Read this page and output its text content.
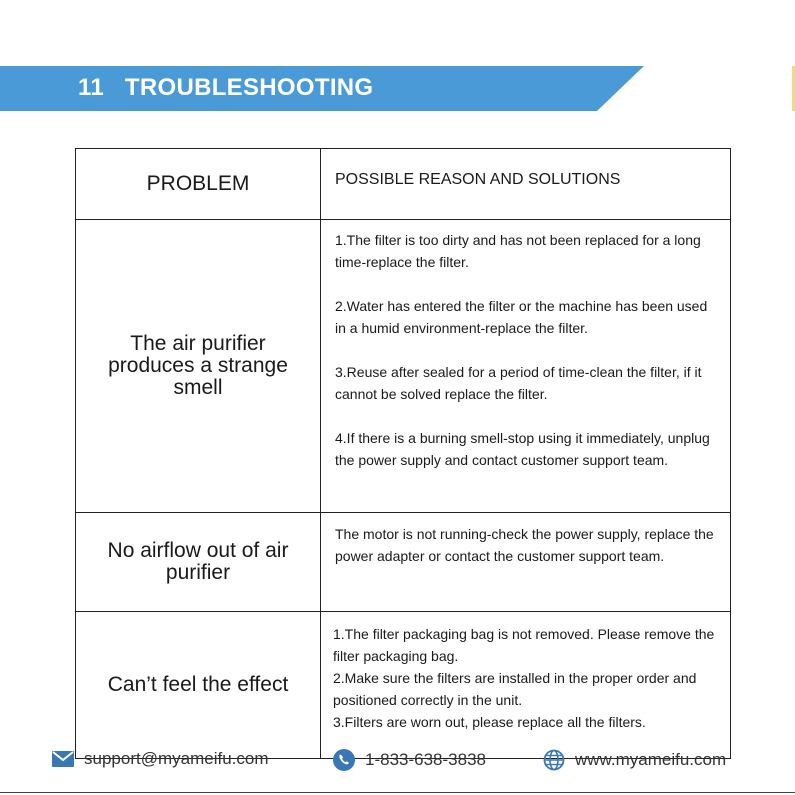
11 TROUBLESHOOTING
PROBLEM	POSSIBLE REASON AND SOLUTIONS
The air purifier produces a strange smell	1.The filter is too dirty and has not been replaced for a long time-replace the filter.

2.Water has entered the filter or the machine has been used in a humid environment-replace the filter.

3.Reuse after sealed for a period of time-clean the filter, if it cannot be solved replace the filter.

4.If there is a burning smell-stop using it immediately, unplug the power supply and contact customer support team.

No airflow out of air purifier	The motor is not running-check the power supply, replace the power adapter or contact the customer support team.

Can’t feel the effect	1.The filter packaging bag is not removed. Please remove the filter packaging bag.

2.Make sure the filters are installed in the proper order and positioned correctly in the unit.

3.Filters are worn out, please replace all the filters.

support@myameifu.com	1-833-638-3838	www.myameifu.com
